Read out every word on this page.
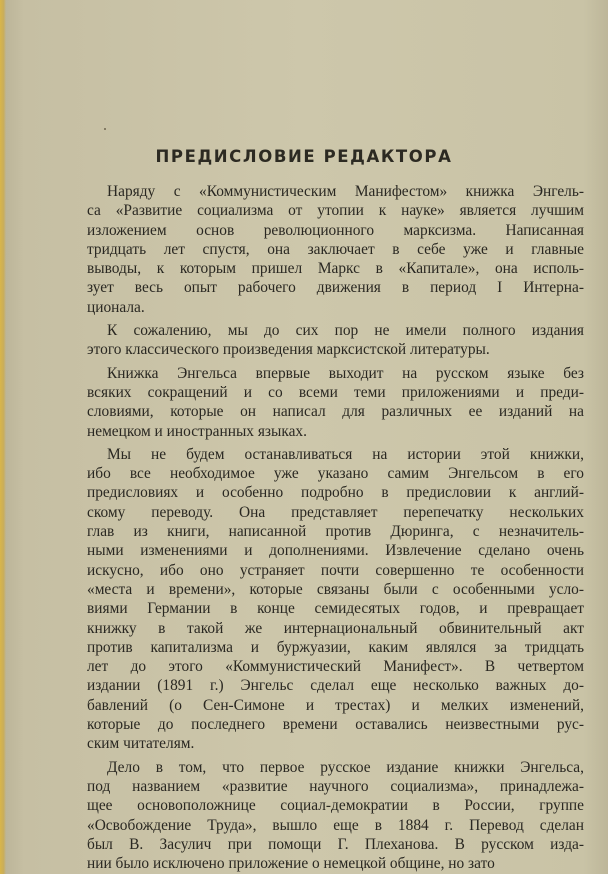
ПРЕДИСЛОВИЕ РЕДАКТОРА
Наряду с «Коммунистическим Манифестом» книжка Энгель-
са «Развитие социализма от утопии к науке» является лучшим
изложением основ революционного марксизма. Написанная
тридцать лет спустя, она заключает в себе уже и главные
выводы, к которым пришел Маркс в «Капитале», она исполь-
зует весь опыт рабочего движения в период I Интерна-
ционала.
К сожалению, мы до сих пор не имели полного издания
этого классического произведения марксистской литературы.
Книжка Энгельса впервые выходит на русском языке без
всяких сокращений и со всеми теми приложениями и преди-
словиями, которые он написал для различных ее изданий на
немецком и иностранных языках.
Мы не будем останавливаться на истории этой книжки,
ибо все необходимое уже указано самим Энгельсом в его
предисловиях и особенно подробно в предисловии к англий-
скому переводу. Она представляет перепечатку нескольких
глав из книги, написанной против Дюринга, с незначитель-
ными изменениями и дополнениями. Извлечение сделано очень
искусно, ибо оно устраняет почти совершенно те особенности
«места и времени», которые связаны были с особенными усло-
виями Германии в конце семидесятых годов, и превращает
книжку в такой же интернациональный обвинительный акт
против капитализма и буржуазии, каким являлся за тридцать
лет до этого «Коммунистический Манифест». В четвертом
издании (1891 г.) Энгельс сделал еще несколько важных до-
бавлений (о Сен-Симоне и трестах) и мелких изменений,
которые до последнего времени оставались неизвестными рус-
ским читателям.
Дело в том, что первое русское издание книжки Энгельса,
под названием «развитие научного социализма», принадлежа-
щее основоположнице социал-демократии в России, группе
«Освобождение Труда», вышло еще в 1884 г. Перевод сделан
был В. Засулич при помощи Г. Плеханова. В русском изда-
нии было исключено приложение о немецкой общине, но зато
